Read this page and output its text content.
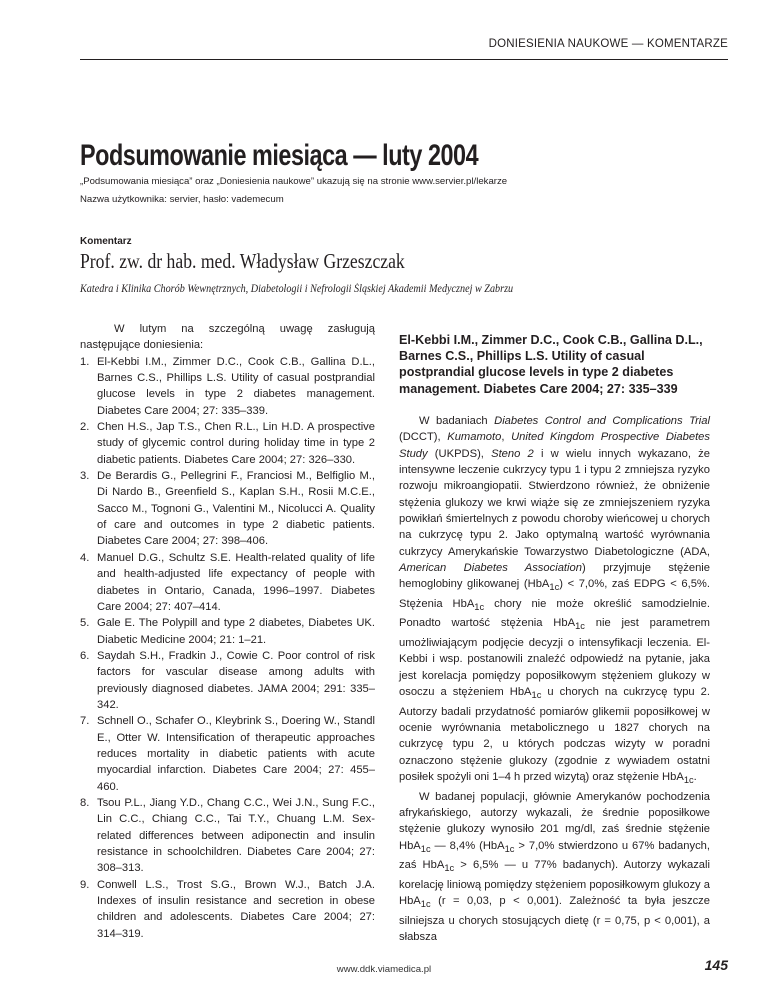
DONIESIENIA NAUKOWE — KOMENTARZE
Podsumowanie miesiąca — luty 2004
„Podsumowania miesiąca” oraz „Doniesienia naukowe” ukazują się na stronie www.servier.pl/lekarze
Nazwa użytkownika: servier, hasło: vademecum
Komentarz
Prof. zw. dr hab. med. Władysław Grzeszczak
Katedra i Klinika Chorób Wewnętrznych, Diabetologii i Nefrologii Śląskiej Akademii Medycznej w Zabrzu

W lutym na szczególną uwagę zasługują następujące doniesienia:

1. El-Kebbi I.M., Zimmer D.C., Cook C.B., Gallina D.L., Barnes C.S., Phillips L.S. Utility of casual postprandial glucose levels in type 2 diabetes management. Diabetes Care 2004; 27: 335–339.
2. Chen H.S., Jap T.S., Chen R.L., Lin H.D. A prospective study of glycemic control during holiday time in type 2 diabetic patients. Diabetes Care 2004; 27: 326–330.
3. De Berardis G., Pellegrini F., Franciosi M., Belfiglio M., Di Nardo B., Greenfield S., Kaplan S.H., Rosii M.C.E., Sacco M., Tognoni G., Valentini M., Nicolucci A. Quality of care and outcomes in type 2 diabetic patients. Diabetes Care 2004; 27: 398–406.
4. Manuel D.G., Schultz S.E. Health-related quality of life and health-adjusted life expectancy of people with diabetes in Ontario, Canada, 1996–1997. Diabetes Care 2004; 27: 407–414.
5. Gale E. The Polypill and type 2 diabetes, Diabetes UK. Diabetic Medicine 2004; 21: 1–21.
6. Saydah S.H., Fradkin J., Cowie C. Poor control of risk factors for vascular disease among adults with previously diagnosed diabetes. JAMA 2004; 291: 335–342.
7. Schnell O., Schafer O., Kleybrink S., Doering W., Standl E., Otter W. Intensification of therapeutic approaches reduces mortality in diabetic patients with acute myocardial infarction. Diabetes Care 2004; 27: 455–460.
8. Tsou P.L., Jiang Y.D., Chang C.C., Wei J.N., Sung F.C., Lin C.C., Chiang C.C., Tai T.Y., Chuang L.M. Sex-related differences between adiponectin and insulin resistance in schoolchildren. Diabetes Care 2004; 27: 308–313.
9. Conwell L.S., Trost S.G., Brown W.J., Batch J.A. Indexes of insulin resistance and secretion in obese children and adolescents. Diabetes Care 2004; 27: 314–319.
El-Kebbi I.M., Zimmer D.C., Cook C.B., Gallina D.L., Barnes C.S., Phillips L.S. Utility of casual postprandial glucose levels in type 2 diabetes management. Diabetes Care 2004; 27: 335–339

W badaniach Diabetes Control and Complications Trial (DCCT), Kumamoto, United Kingdom Prospective Diabetes Study (UKPDS), Steno 2 i w wielu innych wykazano, że intensywne leczenie cukrzycy typu 1 i typu 2 zmniejsza ryzyko rozwoju mikroangiopatii. Stwierdzono również, że obniżenie stężenia glukozy we krwi wiąże się ze zmniejszeniem ryzyka powikłań śmiertelnych z powodu choroby wieńcowej u chorych na cukrzycę typu 2. Jako optymalną wartość wyrównania cukrzycy Amerykańskie Towarzystwo Diabetologiczne (ADA, American Diabetes Association) przyjmuje stężenie hemoglobiny glikowanej (HbA$_{1c}$) < 7,0%, zaś EDPG < 6,5%. Stężenia HbA$_{1c}$ chory nie może określić samodzielnie. Ponadto wartość stężenia HbA$_{1c}$ nie jest parametrem umożliwiającym podjęcie decyzji o intensyfikacji leczenia. El-Kebbi i wsp. postanowili znaleźć odpowiedź na pytanie, jaka jest korelacja pomiędzy poposiłkowym stężeniem glukozy w osoczu a stężeniem HbA$_{1c}$ u chorych na cukrzycę typu 2. Autorzy badali przydatność pomiarów glikemii poposiłkowej w ocenie wyrównania metabolicznego u 1827 chorych na cukrzycę typu 2, u których podczas wizyty w poradni oznaczono stężenie glukozy (zgodnie z wywiadem ostatni posiłek spożyli oni 1–4 h przed wizytą) oraz stężenie HbA$_{1c}$.

W badanej populacji, głównie Amerykanów pochodzenia afrykańskiego, autorzy wykazali, że średnie poposiłkowe stężenie glukozy wynosiło 201 mg/dl, zaś średnie stężenie HbA$_{1c}$ — 8,4% (HbA$_{1c}$ > 7,0% stwierdzono u 67% badanych, zaś HbA$_{1c}$ > 6,5% — u 77% badanych). Autorzy wykazali korelację liniową pomiędzy stężeniem poposiłkowym glukozy a HbA$_{1c}$ (r = 0,03, p < 0,001). Zależność ta była jeszcze silniejsza u chorych stosujących dietę (r = 0,75, p < 0,001), a słabsza

www.ddk.viamedica.pl	145
